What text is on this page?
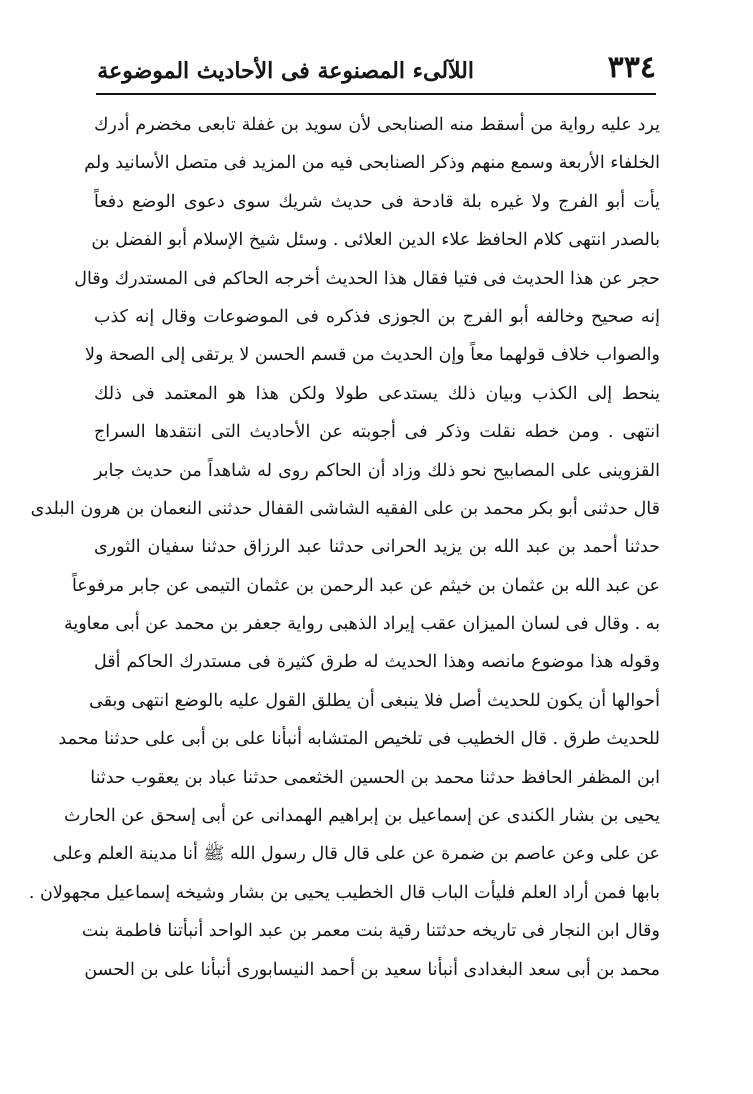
٣٣٤
اللآلىء المصنوعة فى الأحاديث الموضوعة
يرد عليه رواية من أسقط منه الصنابحى لأن سويد بن غفلة تابعى مخضرم أدرك
الخلفاء الأربعة وسمع منهم وذكر الصنابحى فيه من المزيد فى متصل الأسانيد ولم
يأت أبو الفرج ولا غيره بلة قادحة فى حديث شريك سوى دعوى الوضع دفعاً
بالصدر انتهى كلام الحافظ علاء الدين العلائى . وسئل شيخ الإسلام أبو الفضل بن
حجر عن هذا الحديث فى فتيا فقال هذا الحديث أخرجه الحاكم فى المستدرك وقال
إنه صحيح وخالفه أبو الفرج بن الجوزى فذكره فى الموضوعات وقال إنه كذب
والصواب خلاف قولهما معاً وإن الحديث من قسم الحسن لا يرتقى إلى الصحة ولا
ينحط إلى الكذب وبيان ذلك يستدعى طولا ولكن هذا هو المعتمد فى ذلك
انتهى . ومن خطه نقلت وذكر فى أجوبته عن الأحاديث التى انتقدها السراج
القزوينى على المصابيح نحو ذلك وزاد أن الحاكم روى له شاهداً من حديث جابر
قال حدثنى أبو بكر محمد بن على الفقيه الشاشى القفال حدثنى النعمان بن هرون البلدى
حدثنا أحمد بن عبد الله بن يزيد الحرانى حدثنا عبد الرزاق حدثنا سفيان الثورى
عن عبد الله بن عثمان بن خيثم عن عبد الرحمن بن عثمان التيمى عن جابر مرفوعاً
به . وقال فى لسان الميزان عقب إيراد الذهبى رواية جعفر بن محمد عن أبى معاوية
وقوله هذا موضوع مانصه وهذا الحديث له طرق كثيرة فى مستدرك الحاكم أقل
أحوالها أن يكون للحديث أصل فلا ينبغى أن يطلق القول عليه بالوضع انتهى وبقى
للحديث طرق . قال الخطيب فى تلخيص المتشابه أنبأنا على بن أبى على حدثنا محمد
ابن المظفر الحافظ حدثنا محمد بن الحسين الخثعمى حدثنا عباد بن يعقوب حدثنا
يحيى بن بشار الكندى عن إسماعيل بن إبراهيم الهمدانى عن أبى إسحق عن الحارث
عن على وعن عاصم بن ضمرة عن على قال قال رسول الله ﷺ أنا مدينة العلم وعلى
بابها فمن أراد العلم فليأت الباب قال الخطيب يحيى بن بشار وشيخه إسماعيل مجهولان .
وقال ابن النجار فى تاريخه حدثتنا رقية بنت معمر بن عبد الواحد أنبأتنا فاطمة بنت
محمد بن أبى سعد البغدادى أنبأنا سعيد بن أحمد النيسابورى أنبأنا على بن الحسن
